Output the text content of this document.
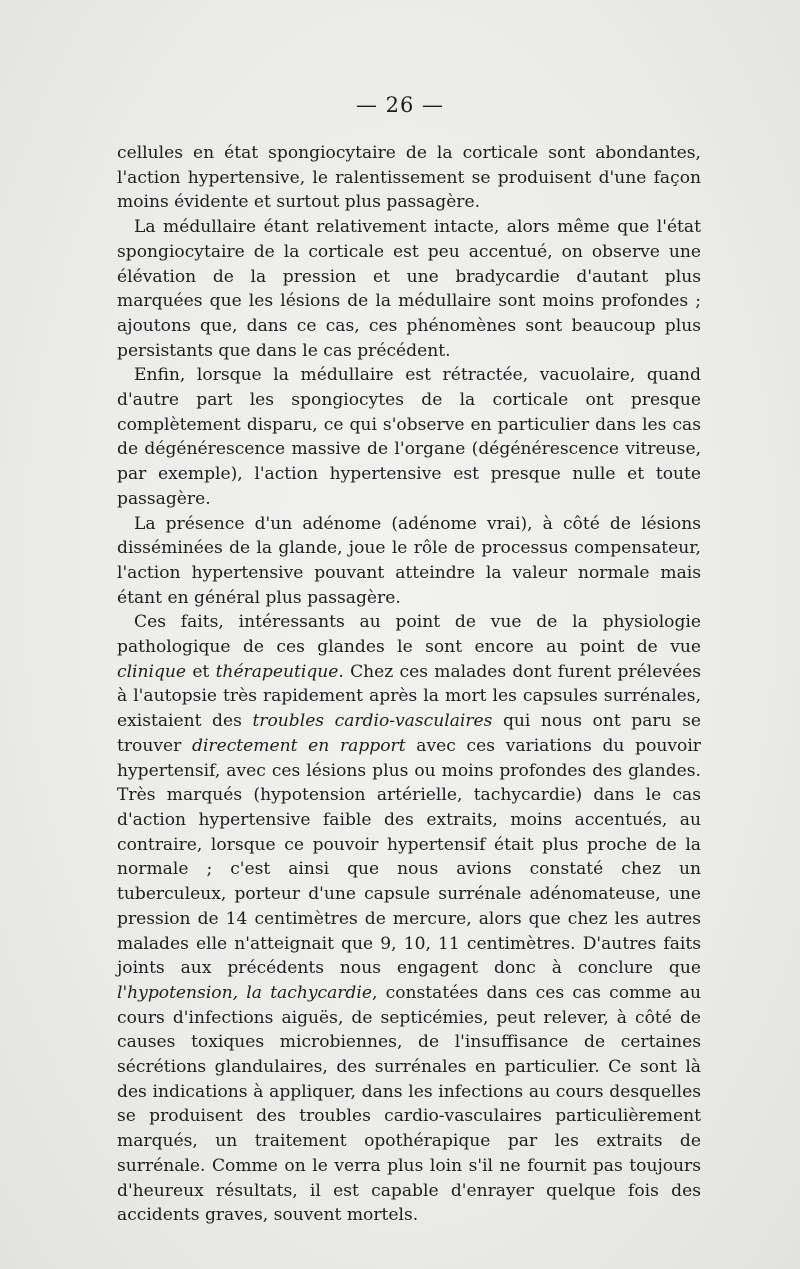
— 26 —

cellules en état spongiocytaire de la corticale sont abondantes, l'action hypertensive, le ralentissement se produisent d'une façon moins évidente et surtout plus passagère.

La médullaire étant relativement intacte, alors même que l'état spongiocytaire de la corticale est peu accentué, on observe une élévation de la pression et une bradycardie d'autant plus marquées que les lésions de la médullaire sont moins profondes ; ajoutons que, dans ce cas, ces phénomènes sont beaucoup plus persistants que dans le cas précédent.

Enfin, lorsque la médullaire est rétractée, vacuolaire, quand d'autre part les spongiocytes de la corticale ont presque complètement disparu, ce qui s'observe en particulier dans les cas de dégénérescence massive de l'organe (dégénérescence vitreuse, par exemple), l'action hypertensive est presque nulle et toute passagère.

La présence d'un adénome (adénome vrai), à côté de lésions disséminées de la glande, joue le rôle de processus compensateur, l'action hypertensive pouvant atteindre la valeur normale mais étant en général plus passagère.

Ces faits, intéressants au point de vue de la physiologie pathologique de ces glandes le sont encore au point de vue clinique et thérapeutique. Chez ces malades dont furent prélevées à l'autopsie très rapidement après la mort les capsules surrénales, existaient des troubles cardio-vasculaires qui nous ont paru se trouver directement en rapport avec ces variations du pouvoir hypertensif, avec ces lésions plus ou moins profondes des glandes. Très marqués (hypotension artérielle, tachycardie) dans le cas d'action hypertensive faible des extraits, moins accentués, au contraire, lorsque ce pouvoir hypertensif était plus proche de la normale ; c'est ainsi que nous avions constaté chez un tuberculeux, porteur d'une capsule surrénale adénomateuse, une pression de 14 centimètres de mercure, alors que chez les autres malades elle n'atteignait que 9, 10, 11 centimètres. D'autres faits joints aux précédents nous engagent donc à conclure que l'hypotension, la tachycardie, constatées dans ces cas comme au cours d'infections aiguës, de septicémies, peut relever, à côté de causes toxiques microbiennes, de l'insuffisance de certaines sécrétions glandulaires, des surrénales en particulier. Ce sont là des indications à appliquer, dans les infections au cours desquelles se produisent des troubles cardio-vasculaires particulièrement marqués, un traitement opothérapique par les extraits de surrénale. Comme on le verra plus loin s'il ne fournit pas toujours d'heureux résultats, il est capable d'enrayer quelque fois des accidents graves, souvent mortels.
